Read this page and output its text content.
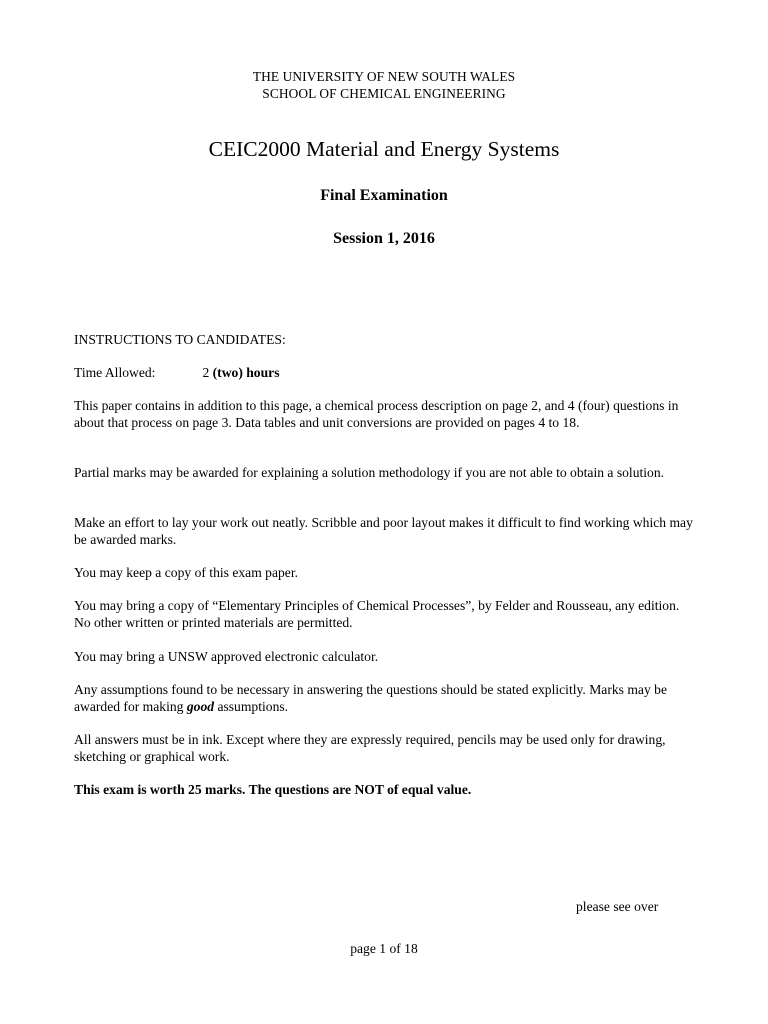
THE UNIVERSITY OF NEW SOUTH WALES
SCHOOL OF CHEMICAL ENGINEERING
CEIC2000 Material and Energy Systems
Final Examination
Session 1, 2016
INSTRUCTIONS TO CANDIDATES:
Time Allowed:	2 (two) hours

This paper contains in addition to this page, a chemical process description on page 2, and 4 (four) questions in about that process on page 3. Data tables and unit conversions are provided on pages 4 to 18.

Partial marks may be awarded for explaining a solution methodology if you are not able to obtain a solution.

Make an effort to lay your work out neatly. Scribble and poor layout makes it difficult to find working which may be awarded marks.

You may keep a copy of this exam paper.

You may bring a copy of “Elementary Principles of Chemical Processes”, by Felder and Rousseau, any edition. No other written or printed materials are permitted.

You may bring a UNSW approved electronic calculator.

Any assumptions found to be necessary in answering the questions should be stated explicitly. Marks may be awarded for making good assumptions.

All answers must be in ink. Except where they are expressly required, pencils may be used only for drawing, sketching or graphical work.

This exam is worth 25 marks. The questions are NOT of equal value.

please see over
page 1 of 18
